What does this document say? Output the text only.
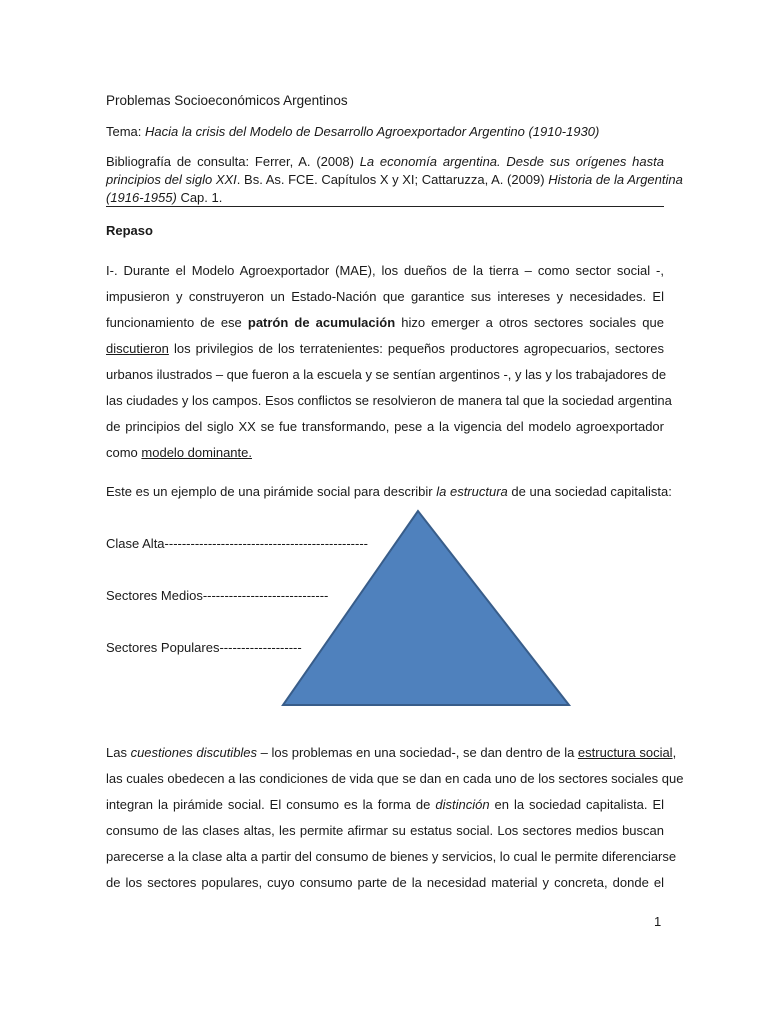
Problemas Socioeconómicos Argentinos
Tema: Hacia la crisis del Modelo de Desarrollo Agroexportador Argentino (1910-1930)
Bibliografía de consulta: Ferrer, A. (2008) La economía argentina. Desde sus orígenes hasta
principios del siglo XXI. Bs. As. FCE. Capítulos X y XI; Cattaruzza, A. (2009) Historia de la Argentina
(1916-1955) Cap. 1.
Repaso
I-. Durante el Modelo Agroexportador (MAE), los dueños de la tierra – como sector social -,
impusieron y construyeron un Estado-Nación que garantice sus intereses y necesidades. El
funcionamiento de ese patrón de acumulación hizo emerger a otros sectores sociales que
discutieron los privilegios de los terratenientes: pequeños productores agropecuarios, sectores
urbanos ilustrados – que fueron a la escuela y se sentían argentinos -, y las y los trabajadores de
las ciudades y los campos. Esos conflictos se resolvieron de manera tal que la sociedad argentina
de principios del siglo XX se fue transformando, pese a la vigencia del modelo agroexportador
como modelo dominante.
Este es un ejemplo de una pirámide social para describir la estructura de una sociedad capitalista:
Clase Alta-----------------------------------------------
Sectores Medios-----------------------------
Sectores Populares-------------------
Las cuestiones discutibles – los problemas en una sociedad-, se dan dentro de la estructura social,
las cuales obedecen a las condiciones de vida que se dan en cada uno de los sectores sociales que
integran la pirámide social. El consumo es la forma de distinción en la sociedad capitalista. El
consumo de las clases altas, les permite afirmar su estatus social. Los sectores medios buscan
parecerse a la clase alta a partir del consumo de bienes y servicios, lo cual le permite diferenciarse
de los sectores populares, cuyo consumo parte de la necesidad material y concreta, donde el
1
